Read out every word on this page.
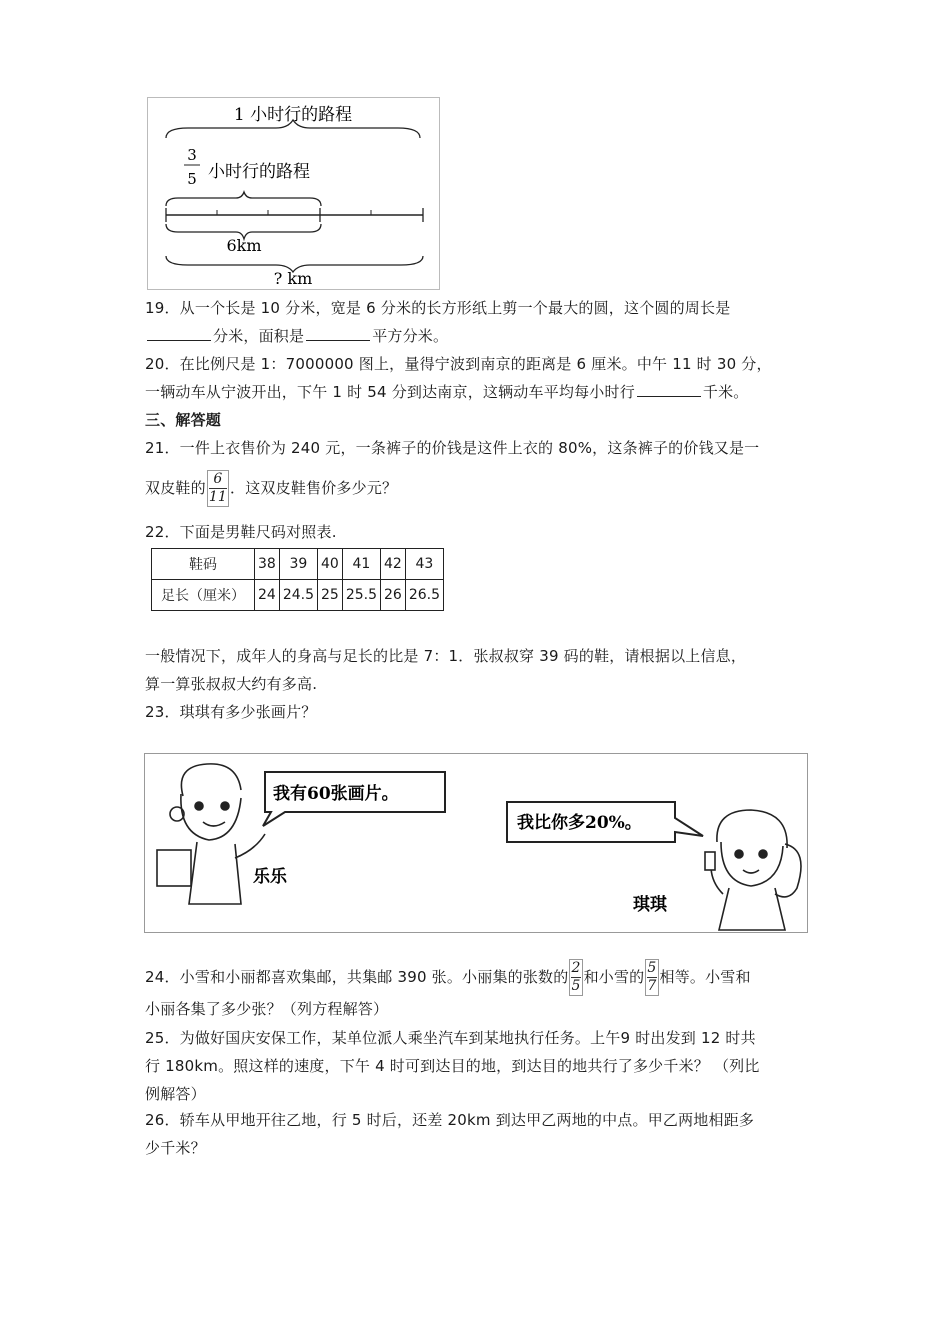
1 小时行的路程
3
5 小时行的路程
6km
? km
19．从一个长是 10 分米，宽是 6 分米的长方形纸上剪一个最大的圆，这个圆的周长是
分米，面积是	平方分米。
20．在比例尺是 1：7000000 图上，量得宁波到南京的距离是 6 厘米。中午 11 时 30 分，
一辆动车从宁波开出，下午 1 时 54 分到达南京，这辆动车平均每小时行	千米。
三、解答题
21．一件上衣售价为 240 元，一条裤子的价钱是这件上衣的 80%，这条裤子的价钱又是一
双皮鞋的 $\frac{6}{11}$ ．这双皮鞋售价多少元？
22．下面是男鞋尺码对照表.
鞋码	38	39	40	41	42	43
足长（厘米）	24	24.5	25	25.5	26	26.5
一般情况下，成年人的身高与足长的比是 7：1．张叔叔穿 39 码的鞋，请根据以上信息，
算一算张叔叔大约有多高.
23．琪琪有多少张画片？
我有60张画片。
乐乐
我比你多20%。
琪琪
24．小雪和小丽都喜欢集邮，共集邮 390 张。小丽集的张数的 $\frac{2}{5}$ 和小雪的 $\frac{5}{7}$ 相等。小雪和
小丽各集了多少张？（列方程解答）
25．为做好国庆安保工作，某单位派人乘坐汽车到某地执行任务。上午9 时出发到 12 时共
行 180km。照这样的速度，下午 4 时可到达目的地，到达目的地共行了多少千米？ （列比
例解答）
26．轿车从甲地开往乙地，行 5 时后，还差 20km 到达甲乙两地的中点。甲乙两地相距多
少千米？
